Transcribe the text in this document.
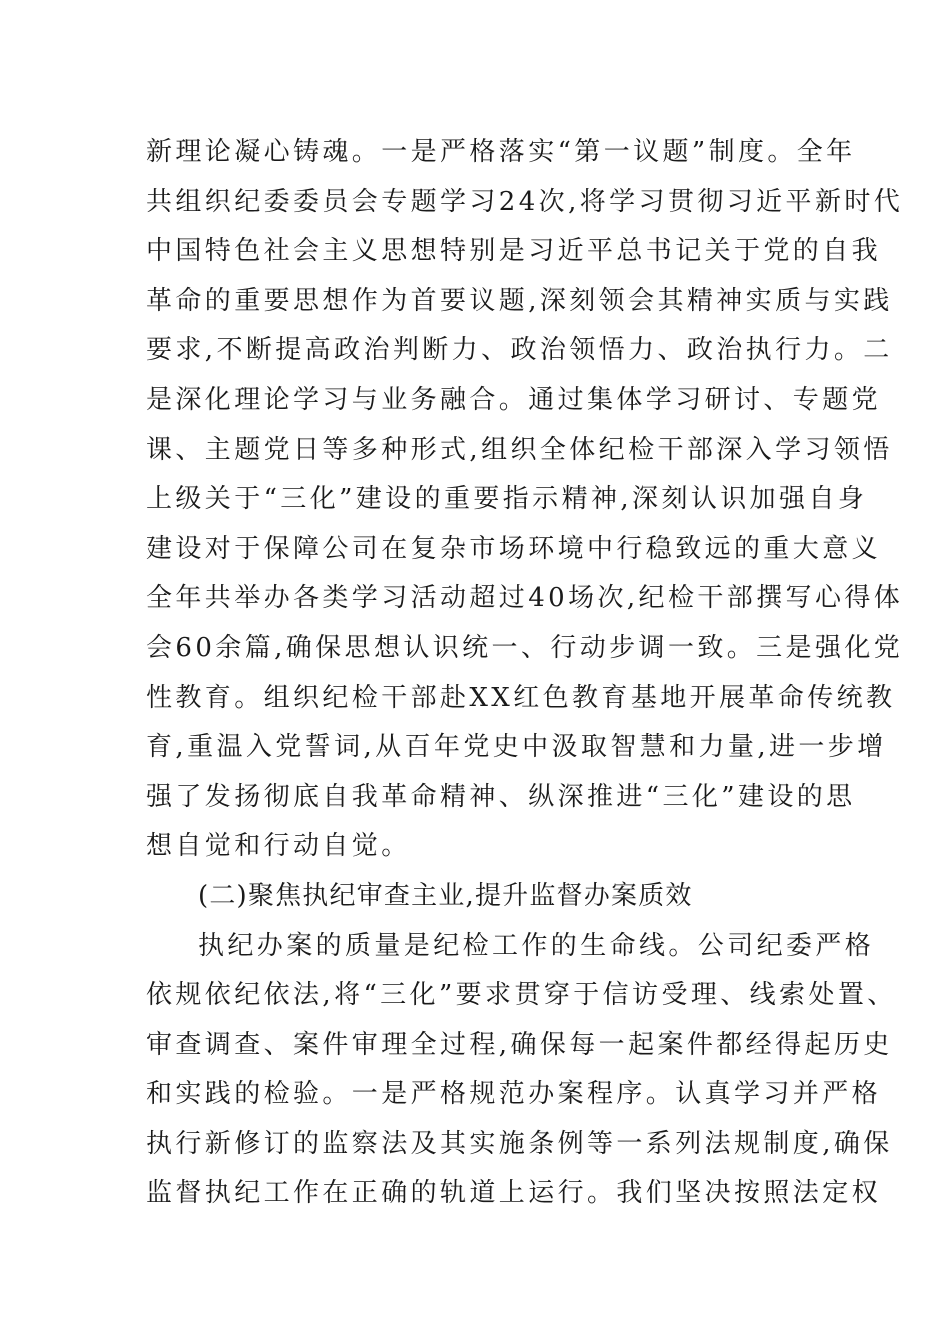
新理论凝心铸魂。一是严格落实“第一议题”制度。全年
共组织纪委委员会专题学习24次,将学习贯彻习近平新时代
中国特色社会主义思想特别是习近平总书记关于党的自我
革命的重要思想作为首要议题,深刻领会其精神实质与实践
要求,不断提高政治判断力、政治领悟力、政治执行力。二
是深化理论学习与业务融合。通过集体学习研讨、专题党
课、主题党日等多种形式,组织全体纪检干部深入学习领悟
上级关于“三化”建设的重要指示精神,深刻认识加强自身
建设对于保障公司在复杂市场环境中行稳致远的重大意义
全年共举办各类学习活动超过40场次,纪检干部撰写心得体
会60余篇,确保思想认识统一、行动步调一致。三是强化党
性教育。组织纪检干部赴XX红色教育基地开展革命传统教
育,重温入党誓词,从百年党史中汲取智慧和力量,进一步增
强了发扬彻底自我革命精神、纵深推进“三化”建设的思
想自觉和行动自觉。
(二)聚焦执纪审查主业,提升监督办案质效
执纪办案的质量是纪检工作的生命线。公司纪委严格
依规依纪依法,将“三化”要求贯穿于信访受理、线索处置、
审查调查、案件审理全过程,确保每一起案件都经得起历史
和实践的检验。一是严格规范办案程序。认真学习并严格
执行新修订的监察法及其实施条例等一系列法规制度,确保
监督执纪工作在正确的轨道上运行。我们坚决按照法定权
